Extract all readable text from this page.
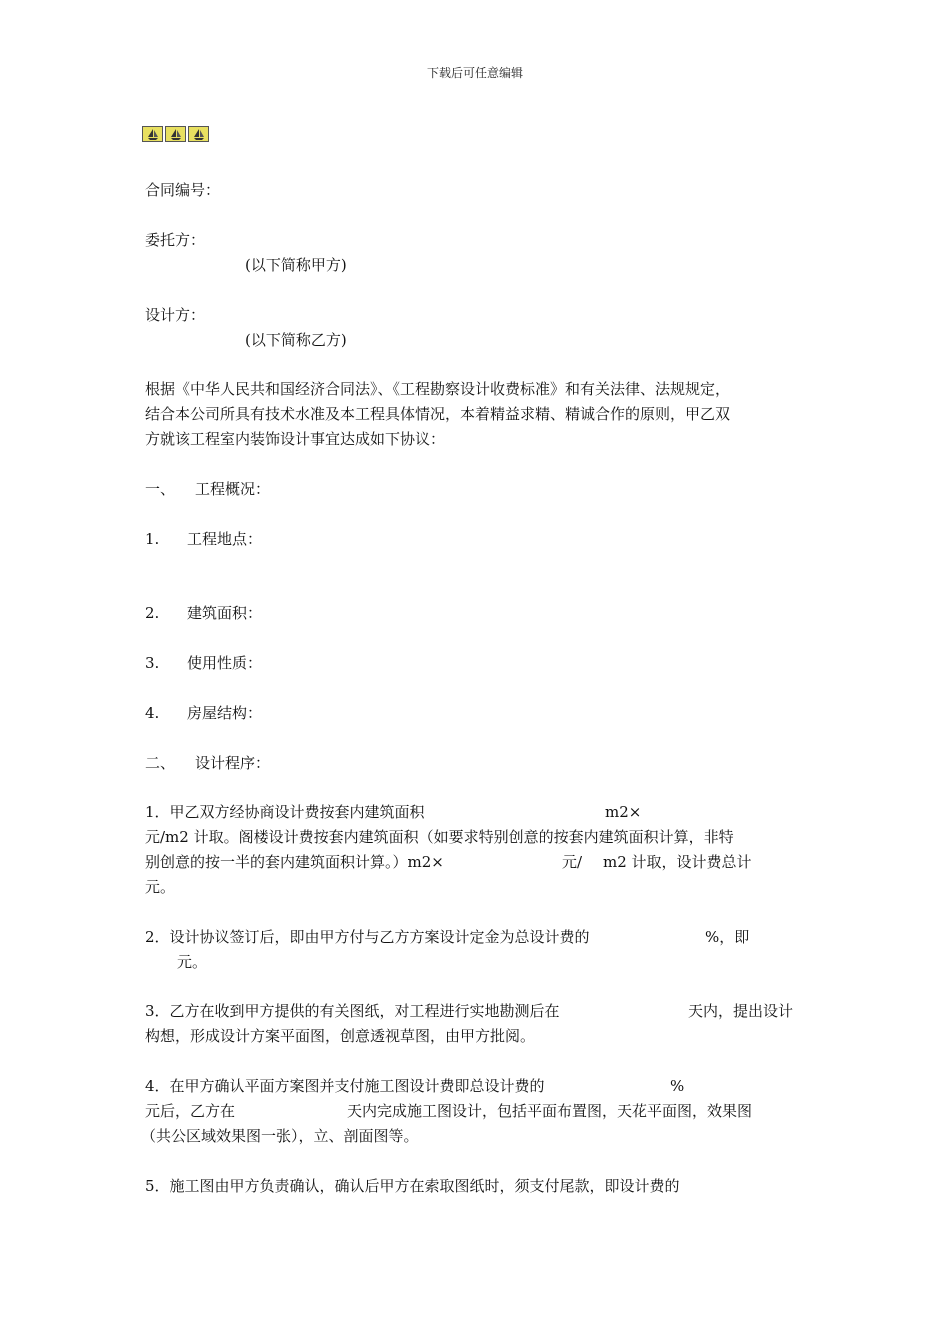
下载后可任意编辑
合同编号：
委托方：
(以下简称甲方)
设计方：
(以下简称乙方)
根据《中华人民共和国经济合同法》、《工程勘察设计收费标准》和有关法律、法规规定，
结合本公司所具有技术水准及本工程具体情况，本着精益求精、精诚合作的原则，甲乙双
方就该工程室内装饰设计事宜达成如下协议：
一、 工程概况：
1. 工程地点：
2. 建筑面积：
3. 使用性质：
4. 房屋结构：
二、 设计程序：
1．甲乙双方经协商设计费按套内建筑面积	m2×
元/m2 计取。阁楼设计费按套内建筑面积（如要求特别创意的按套内建筑面积计算，非特
别创意的按一半的套内建筑面积计算。）m2×	元/ m2 计取，设计费总计
元。
2．设计协议签订后，即由甲方付与乙方方案设计定金为总设计费的	%，即
元。
3．乙方在收到甲方提供的有关图纸，对工程进行实地勘测后在	天内，提出设计
构想，形成设计方案平面图，创意透视草图，由甲方批阅。
4．在甲方确认平面方案图并支付施工图设计费即总设计费的	%
元后，乙方在	天内完成施工图设计，包括平面布置图，天花平面图，效果图
（共公区域效果图一张），立、剖面图等。
5．施工图由甲方负责确认，确认后甲方在索取图纸时，须支付尾款，即设计费的
